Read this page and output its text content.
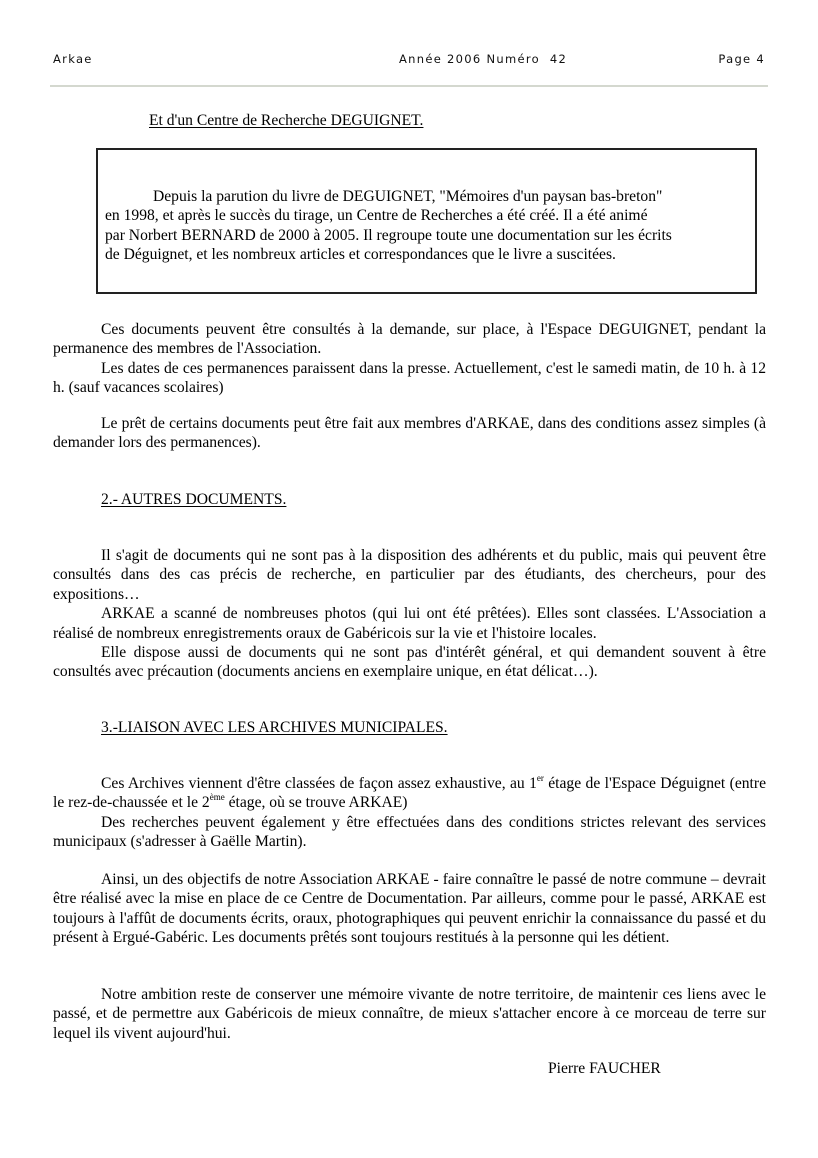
Arkae	Année 2006 Numéro  42	Page 4
Et d'un Centre de Recherche DEGUIGNET.

Depuis la parution du livre de DEGUIGNET, "Mémoires d'un paysan bas-breton"

en 1998, et après le succès du tirage, un Centre de Recherches a été créé. Il a été animé

par Norbert BERNARD de 2000 à 2005. Il regroupe toute une documentation sur les écrits

de Déguignet, et les nombreux articles et correspondances que le livre a suscitées.

Ces documents peuvent être consultés à la demande, sur place, à l'Espace DEGUIGNET, pendant la permanence des membres de l'Association.

Les dates de ces permanences paraissent dans la presse. Actuellement, c'est le samedi matin, de 10 h. à 12 h. (sauf vacances scolaires)

Le prêt de certains documents peut être fait aux membres d'ARKAE, dans des conditions assez simples (à demander lors des permanences).

2.- AUTRES DOCUMENTS.

Il s'agit de documents qui ne sont pas à la disposition des adhérents et du public, mais qui peuvent être consultés dans des cas précis de recherche, en particulier par des étudiants, des chercheurs, pour des expositions…

ARKAE a scanné de nombreuses photos (qui lui ont été prêtées). Elles sont classées. L'Association a réalisé de nombreux enregistrements oraux de Gabéricois sur la vie et l'histoire locales.

Elle dispose aussi de documents qui ne sont pas d'intérêt général, et qui demandent souvent à être consultés avec précaution (documents anciens en exemplaire unique, en état délicat…).

3.-LIAISON AVEC LES ARCHIVES MUNICIPALES.

Ces Archives viennent d'être classées de façon assez exhaustive, au 1er étage de l'Espace Déguignet (entre le rez-de-chaussée et le 2ème étage, où se trouve ARKAE)

Des recherches peuvent également y être effectuées dans des conditions strictes relevant des services municipaux (s'adresser à Gaëlle Martin).

Ainsi, un des objectifs de notre Association ARKAE - faire connaître le passé de notre commune – devrait être réalisé avec la mise en place de ce Centre de Documentation. Par ailleurs, comme pour le passé, ARKAE est toujours à l'affût de documents écrits, oraux, photographiques qui peuvent enrichir la connaissance du passé et du présent à Ergué-Gabéric. Les documents prêtés sont toujours restitués à la personne qui les détient.

Notre ambition reste de conserver une mémoire vivante de notre territoire, de maintenir ces liens avec le passé, et de permettre aux Gabéricois de mieux connaître, de mieux s'attacher encore à ce morceau de terre sur lequel ils vivent aujourd'hui.

Pierre FAUCHER
